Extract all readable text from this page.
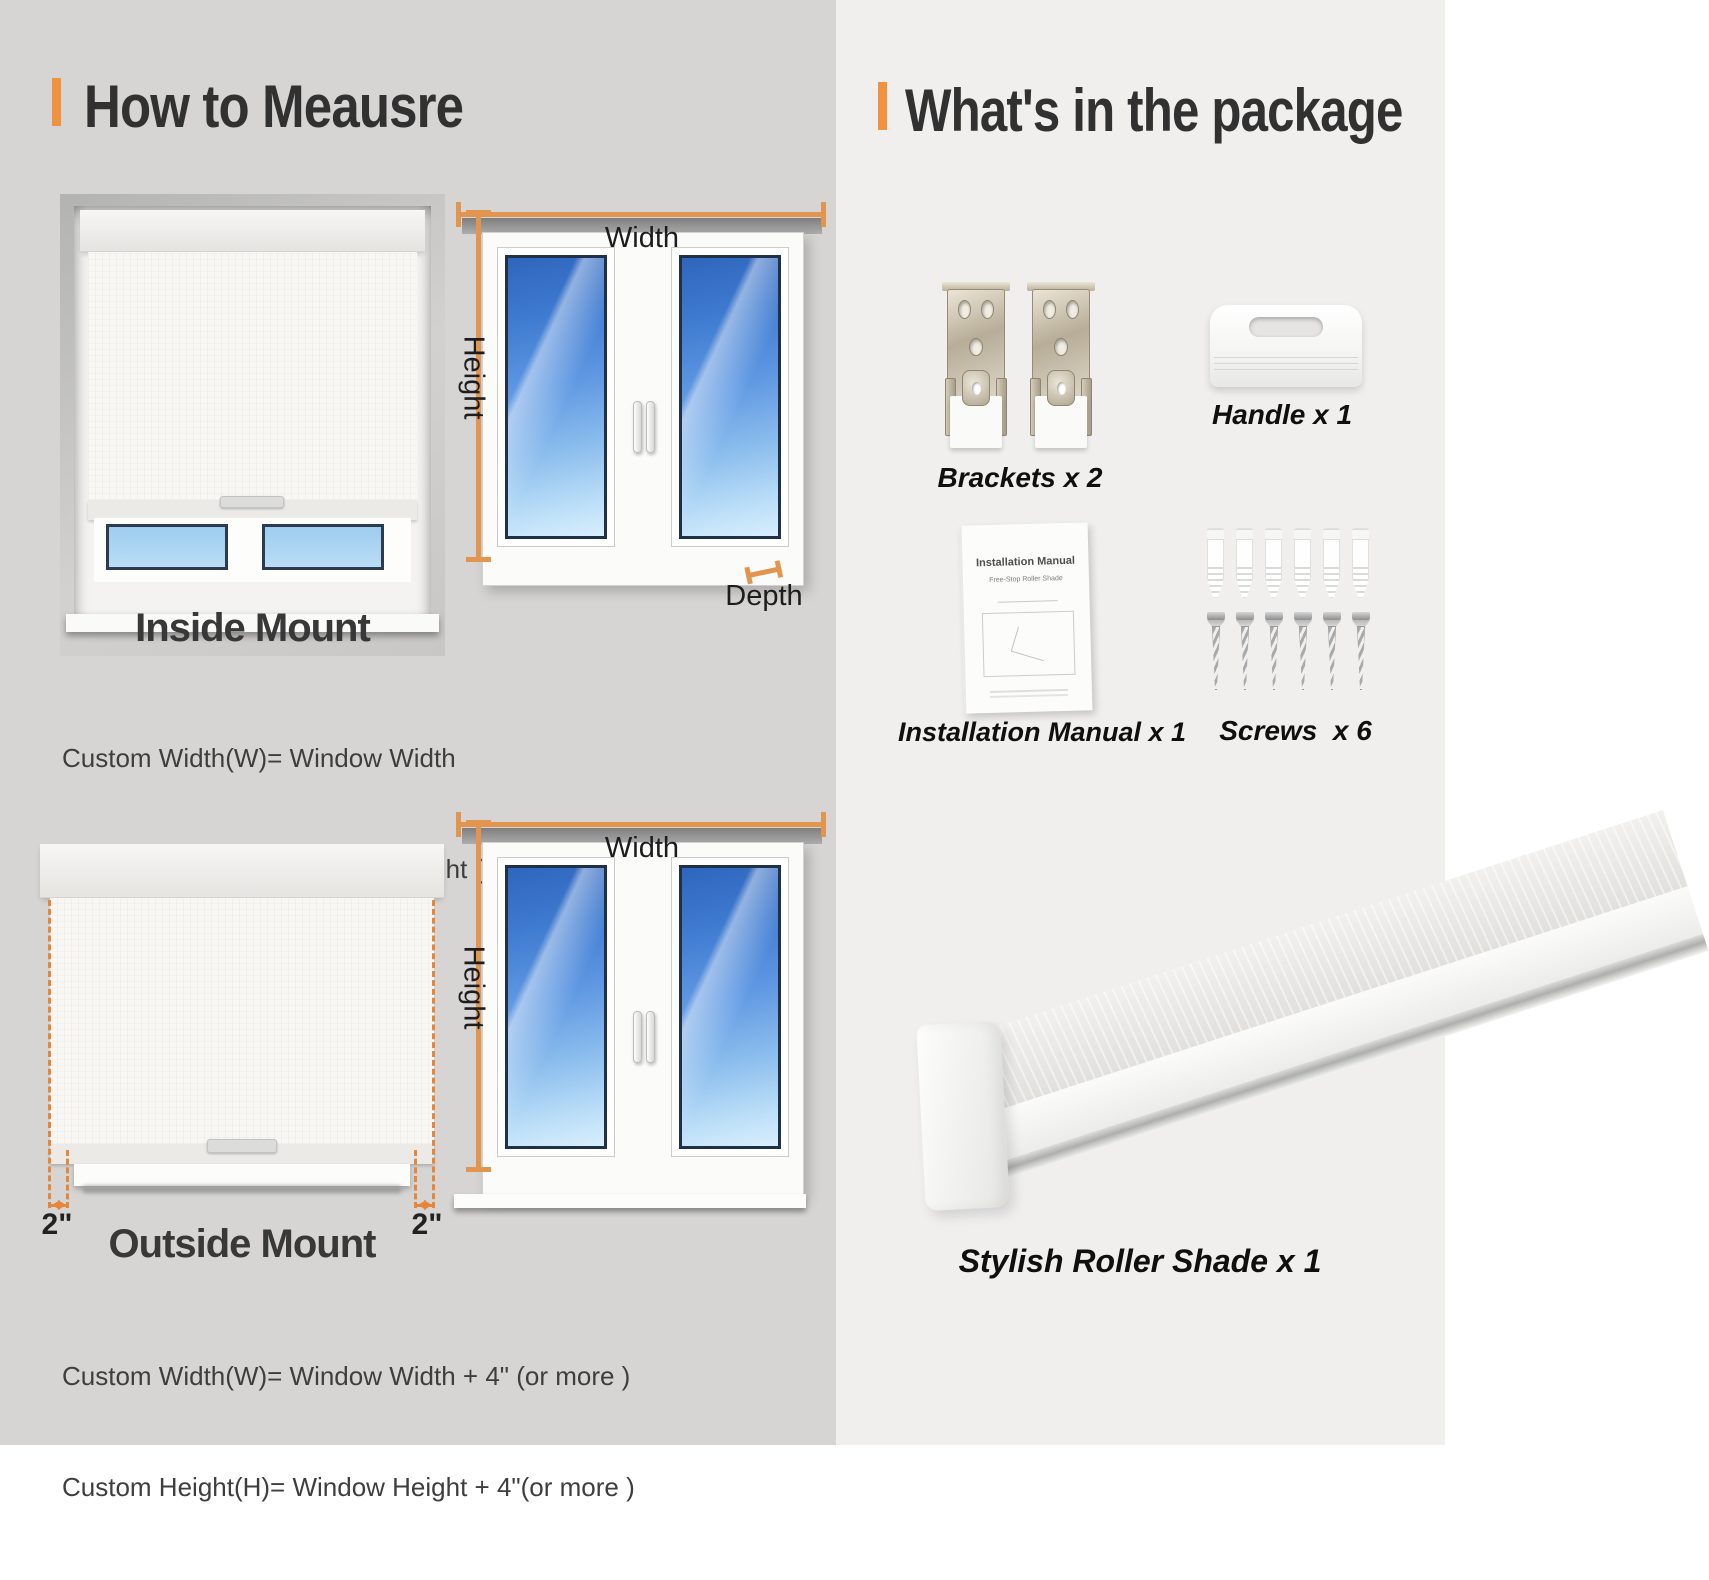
How to Meausre
Inside Mount

Custom Width(W)= Window Width

Width
Height
Depth
2"	2"
Outside Mount

Custom Width(W)= Window Width + 4" (or more )

Custom Height(H)= Window Height + 4"(or more )

Width
Height
What's in the package
Brackets x 2
Handle x 1
Installation Manual
Free-Stop Roller Shade
Installation Manual x 1	Screws  x 6
Stylish Roller Shade x 1
